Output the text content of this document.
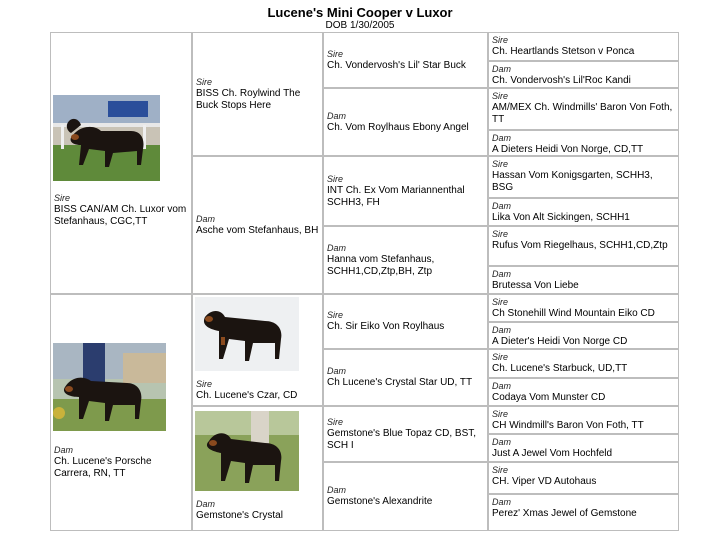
Lucene's Mini Cooper v Luxor
DOB 1/30/2005
Sire
BISS CAN/AM Ch. Luxor vom Stefanhaus, CGC,TT
Dam
Ch. Lucene's Porsche Carrera, RN, TT
Sire
BISS Ch. Roylwind The Buck Stops Here
Dam
Asche vom Stefanhaus, BH
Sire
Ch. Lucene's Czar, CD
Dam
Gemstone's Crystal
Sire
Ch. Vondervosh's Lil' Star Buck
Dam
Ch. Vom Roylhaus Ebony Angel
Sire
INT Ch. Ex Vom Mariannenthal SCHH3, FH
Dam
Hanna vom Stefanhaus, SCHH1,CD,Ztp,BH, Ztp
Sire
Ch. Sir Eiko Von Roylhaus
Dam
Ch Lucene's Crystal Star UD, TT
Sire
Gemstone's Blue Topaz CD, BST, SCH I
Dam
Gemstone's Alexandrite
Sire
Ch. Heartlands Stetson v Ponca
Dam
Ch. Vondervosh's Lil'Roc Kandi
Sire
AM/MEX Ch. Windmills' Baron Von Foth, TT
Dam
A Dieters Heidi Von Norge, CD,TT
Sire
Hassan Vom Konigsgarten, SCHH3, BSG
Dam
Lika Von Alt Sickingen, SCHH1
Sire
Rufus Vom Riegelhaus, SCHH1,CD,Ztp
Dam
Brutessa Von Liebe
Sire
Ch Stonehill Wind Mountain Eiko CD
Dam
A Dieter's Heidi Von Norge CD
Sire
Ch. Lucene's Starbuck, UD,TT
Dam
Codaya Vom Munster CD
Sire
CH Windmill's Baron Von Foth, TT
Dam
Just A Jewel Vom Hochfeld
Sire
CH. Viper VD Autohaus
Dam
Perez' Xmas Jewel of Gemstone
